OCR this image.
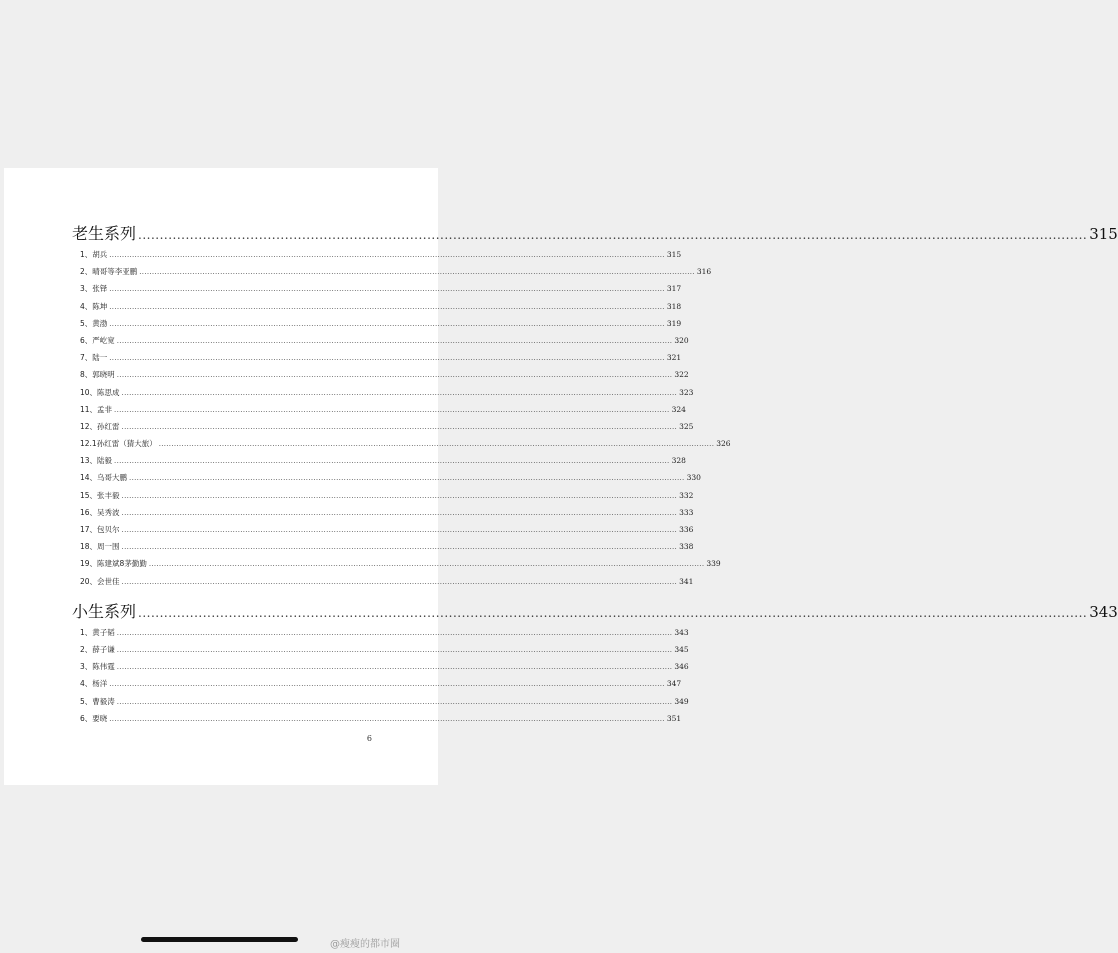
老生系列 ............................................................................................................................................................................................................................ 315
1、胡兵 ............................................................................................................................................................................................................................ 315
2、晴哥等李亚鹏 ............................................................................................................................................................................................................................ 316
3、张铎 ............................................................................................................................................................................................................................ 317
4、陈坤 ............................................................................................................................................................................................................................ 318
5、黄渤 ............................................................................................................................................................................................................................ 319
6、严屹宽 ............................................................................................................................................................................................................................ 320
7、陆一 ............................................................................................................................................................................................................................ 321
8、郭晓明 ............................................................................................................................................................................................................................ 322
10、陈思成 ............................................................................................................................................................................................................................ 323
11、孟非 ............................................................................................................................................................................................................................ 324
12、孙红雷 ............................................................................................................................................................................................................................ 325
12.1孙红雷（猜大旅） ............................................................................................................................................................................................................................ 326
13、陆毅 ............................................................................................................................................................................................................................ 328
14、乌哥大鹏 ............................................................................................................................................................................................................................ 330
15、张丰毅 ............................................................................................................................................................................................................................ 332
16、吴秀波 ............................................................................................................................................................................................................................ 333
17、包贝尔 ............................................................................................................................................................................................................................ 336
18、周一围 ............................................................................................................................................................................................................................ 338
19、陈建斌8茅勤勤 ............................................................................................................................................................................................................................ 339
20、会世佳 ............................................................................................................................................................................................................................ 341
小生系列 ............................................................................................................................................................................................................................ 343
1、黄子韬 ............................................................................................................................................................................................................................ 343
2、薛子谦 ............................................................................................................................................................................................................................ 345
3、陈伟霆 ............................................................................................................................................................................................................................ 346
4、杨洋 ............................................................................................................................................................................................................................ 347
5、曹毅涛 ............................................................................................................................................................................................................................ 349
6、要晓 ............................................................................................................................................................................................................................ 351
6
@瘦瘦的都市圈
